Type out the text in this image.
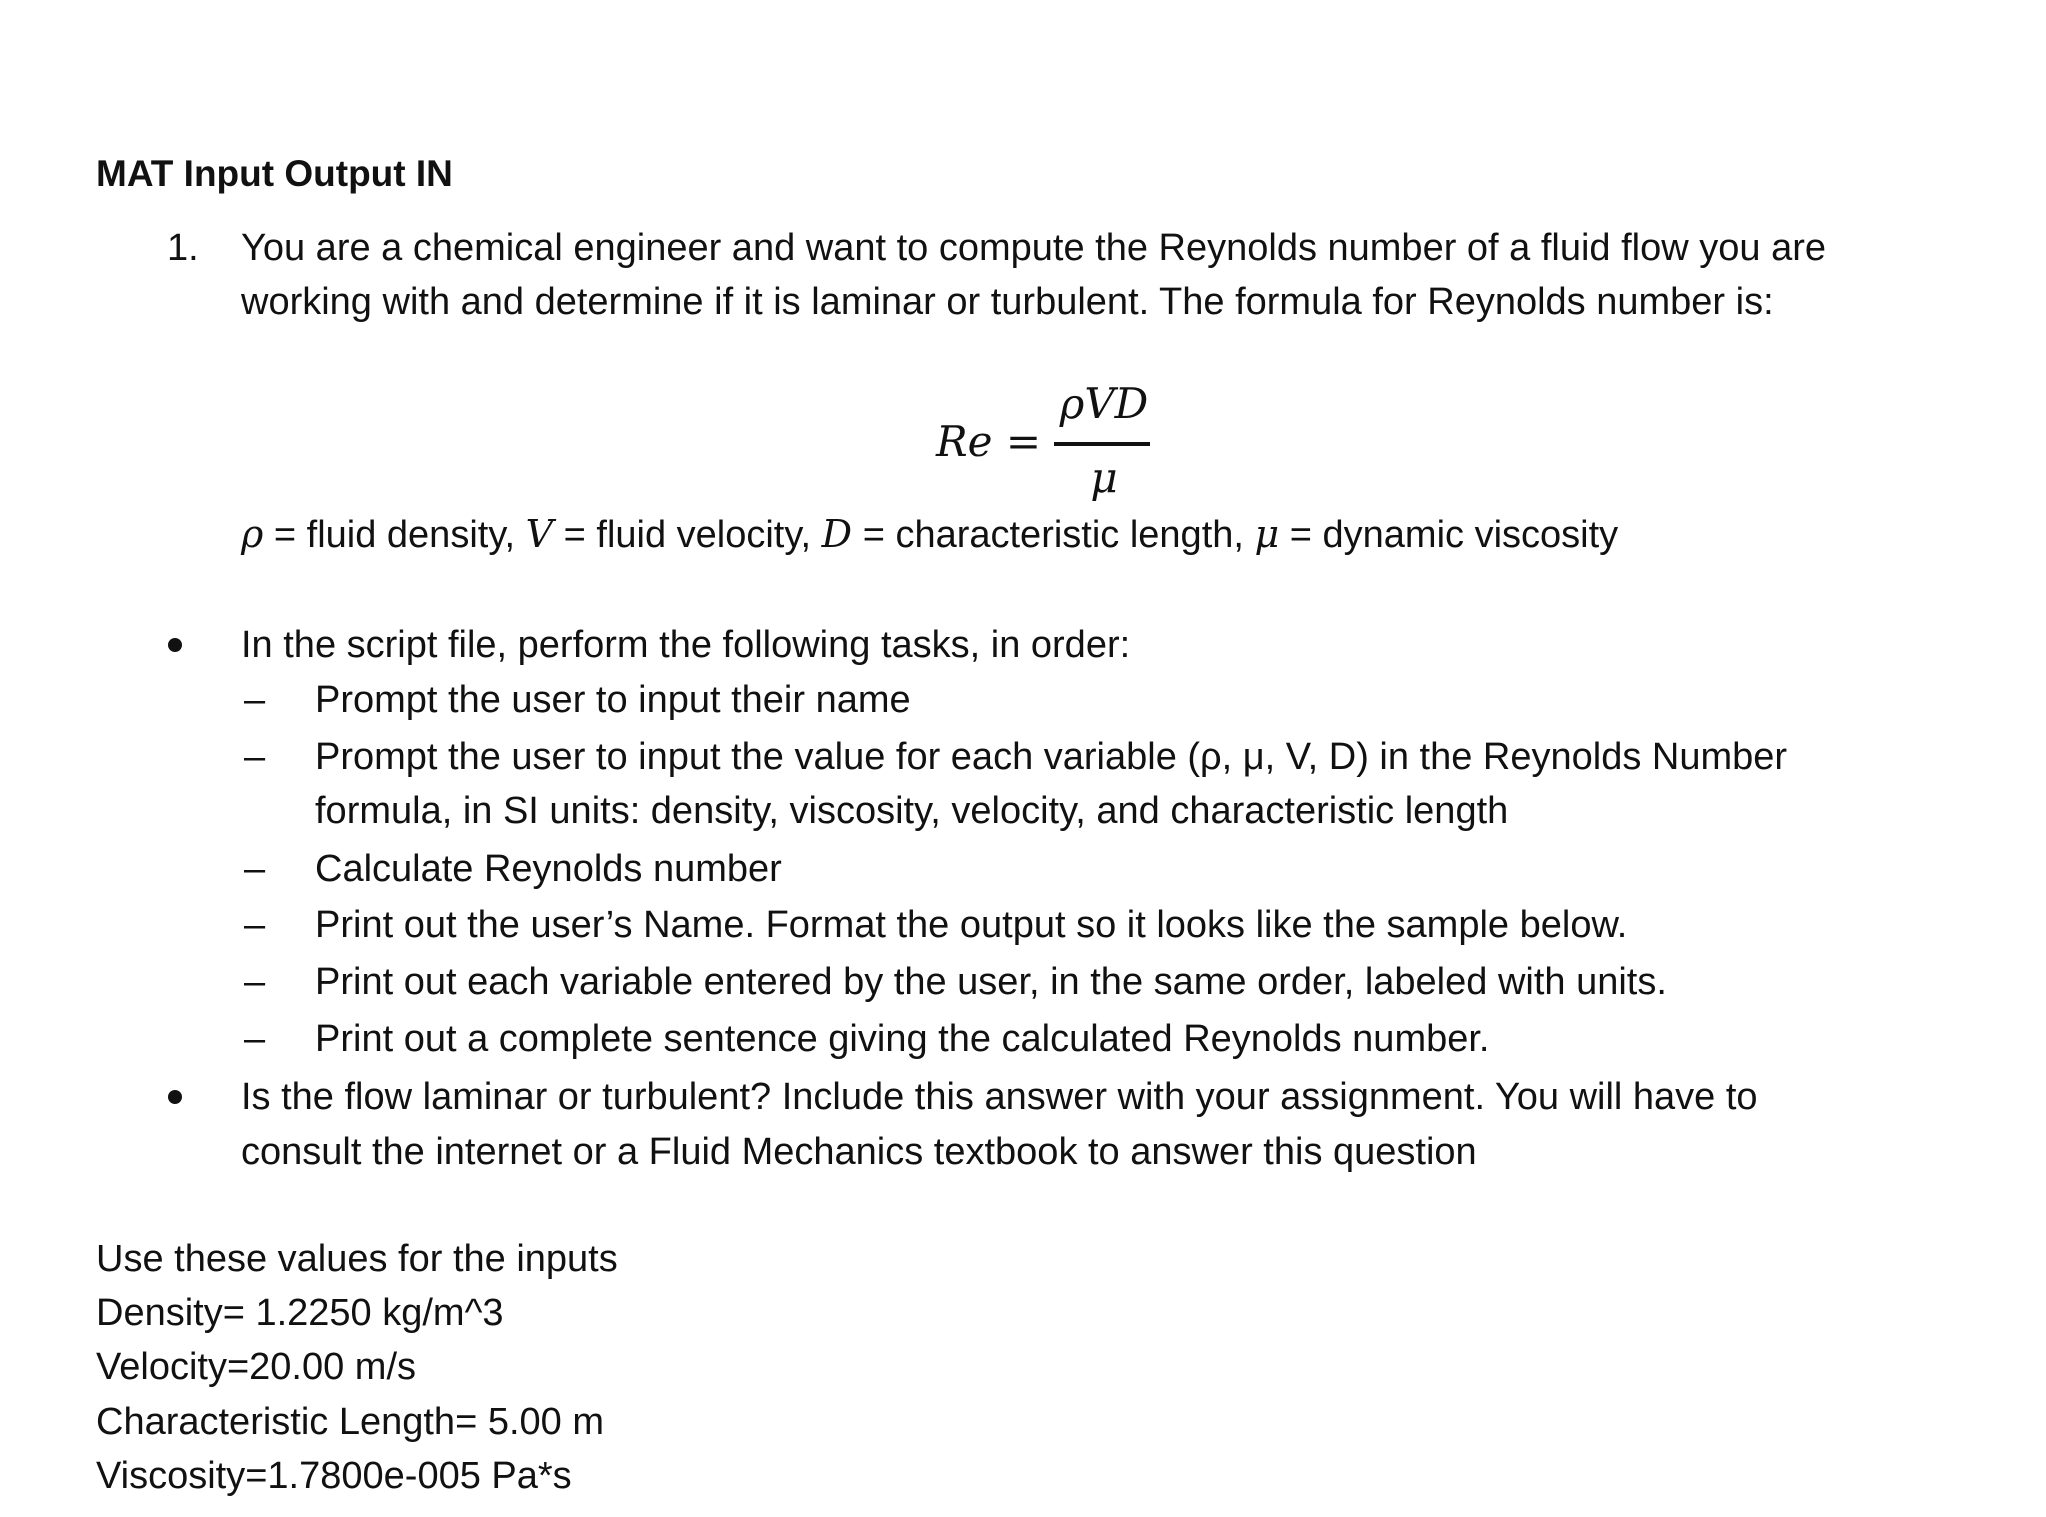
MAT Input Output IN
1. You are a chemical engineer and want to compute the Reynolds number of a fluid flow you are
working with and determine if it is laminar or turbulent. The formula for Reynolds number is:
Re =
ρVD
μ
ρ = fluid density, V = fluid velocity, D = characteristic length, μ = dynamic viscosity
In the script file, perform the following tasks, in order:
– Prompt the user to input their name
– Prompt the user to input the value for each variable (ρ, μ, V, D) in the Reynolds Number
formula, in SI units: density, viscosity, velocity, and characteristic length
– Calculate Reynolds number
– Print out the user’s Name. Format the output so it looks like the sample below.
– Print out each variable entered by the user, in the same order, labeled with units.
– Print out a complete sentence giving the calculated Reynolds number.
Is the flow laminar or turbulent? Include this answer with your assignment. You will have to
consult the internet or a Fluid Mechanics textbook to answer this question
Use these values for the inputs
Density= 1.2250 kg/m^3
Velocity=20.00 m/s
Characteristic Length= 5.00 m
Viscosity=1.7800e-005 Pa*s
